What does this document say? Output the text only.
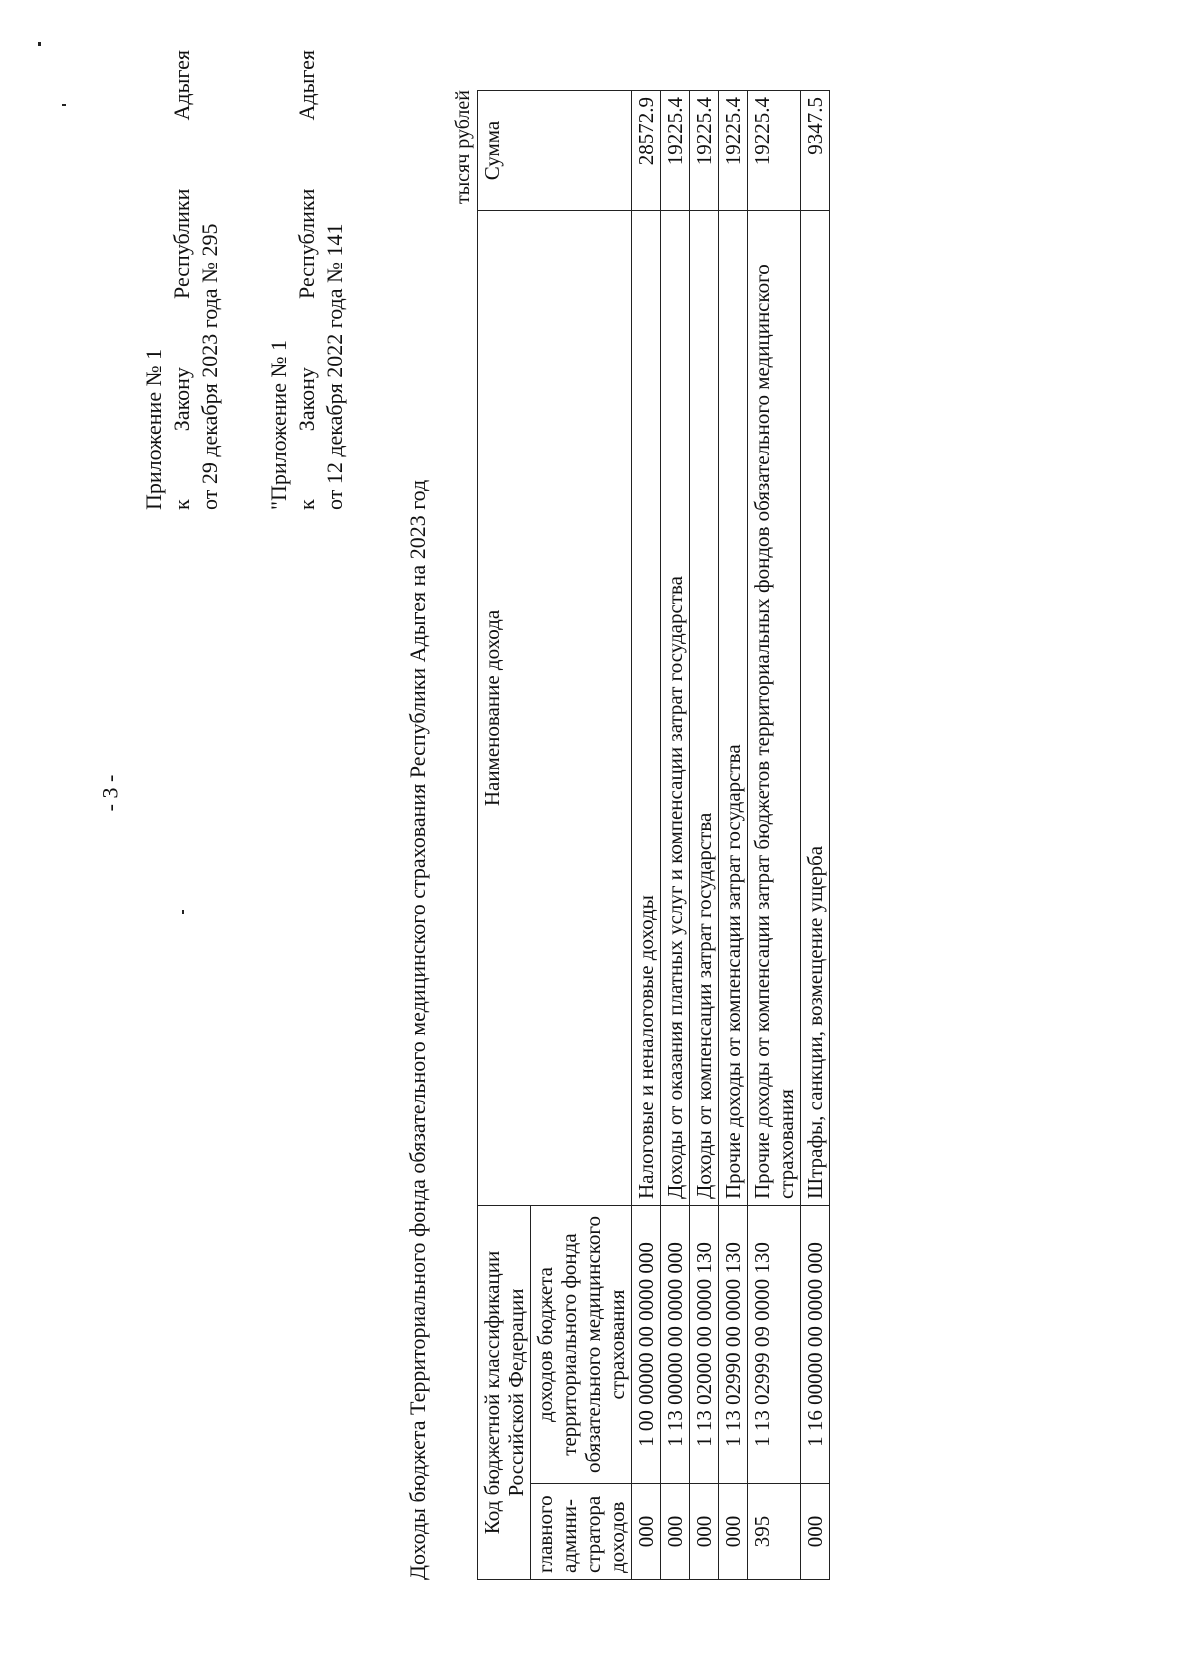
- 3 -
Приложение № 1 к
Закону
Республики
Адыгея
от 29 декабря 2023 года № 295 "Приложение № 1 к
Закону
Республики
Адыгея
от 12 декабря 2022 года № 141
Доходы бюджета Территориального фонда обязательного медицинского страхования Республики Адыгея на 2023 год
тысяч рублей
Код бюджетной классификации Российской Федерации		Наименование дохода	Сумма
главного админи-стратора доходов	доходов бюджета территориального фонда обязательного медицинского страхования		
000	1 00 00000 00 0000 000	Налоговые и неналоговые доходы	28572.9
000	1 13 00000 00 0000 000	Доходы от оказания платных услуг и компенсации затрат государства	19225.4
000	1 13 02000 00 0000 130	Доходы от компенсации затрат государства	19225.4
000	1 13 02990 00 0000 130	Прочие доходы от компенсации затрат государства	19225.4
395	1 13 02999 09 0000 130	Прочие доходы от компенсации затрат бюджетов территориальных фондов обязательного медицинского страхования	19225.4
000	1 16 00000 00 0000 000	Штрафы, санкции, возмещение ущерба	9347.5
